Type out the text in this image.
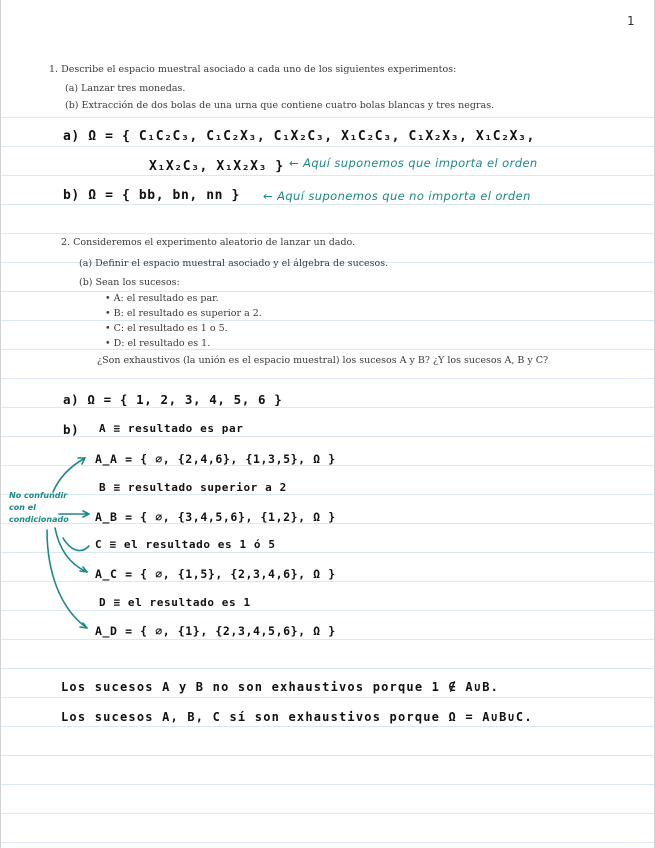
1
1. Describe el espacio muestral asociado a cada uno de los siguientes experimentos:
(a) Lanzar tres monedas.
(b) Extracción de dos bolas de una urna que contiene cuatro bolas blancas y tres negras.
a) Ω = { C₁C₂C₃, C₁C₂X₃, C₁X₂C₃, X₁C₂C₃, C₁X₂X₃, X₁C₂X₃,
X₁X₂C₃, X₁X₂X₃ } ← Aquí suponemos que importa el orden
b) Ω = { bb, bn, nn } ← Aquí suponemos que no importa el orden
2. Consideremos el experimento aleatorio de lanzar un dado.
(a) Definir el espacio muestral asociado y el álgebra de sucesos.
(b) Sean los sucesos:
• A: el resultado es par.
• B: el resultado es superior a 2.
• C: el resultado es 1 o 5.
• D: el resultado es 1.
¿Son exhaustivos (la unión es el espacio muestral) los sucesos A y B? ¿Y los sucesos A, B y C?
a) Ω = { 1, 2, 3, 4, 5, 6 }
b) A ≡ resultado es par
A_A = { ∅, {2,4,6}, {1,3,5}, Ω }
B ≡ resultado superior a 2
A_B = { ∅, {3,4,5,6}, {1,2}, Ω }
C ≡ el resultado es 1 ó 5
A_C = { ∅, {1,5}, {2,3,4,6}, Ω }
D ≡ el resultado es 1
A_D = { ∅, {1}, {2,3,4,5,6}, Ω }
No confundir
con el
condicionado
Los sucesos A y B no son exhaustivos porque 1 ∉ A∪B.
Los sucesos A, B, C sí son exhaustivos porque Ω = A∪B∪C.
